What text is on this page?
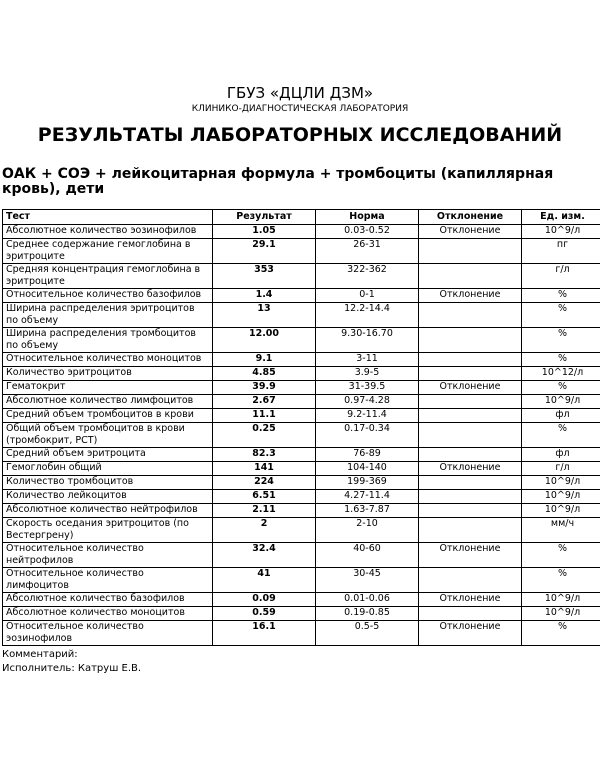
ГБУЗ «ДЦЛИ ДЗМ»
КЛИНИКО-ДИАГНОСТИЧЕСКАЯ ЛАБОРАТОРИЯ
РЕЗУЛЬТАТЫ ЛАБОРАТОРНЫХ ИССЛЕДОВАНИЙ
ОАК + СОЭ + лейкоцитарная формула + тромбоциты (капиллярная кровь), дети
Тест	Результат	Норма	Отклонение	Ед. изм.
Абсолютное количество эозинофилов	1.05	0.03-0.52	Отклонение	10^9/л
Среднее содержание гемоглобина в эритроците	29.1	26-31		пг
Средняя концентрация гемоглобина в эритроците	353	322-362		г/л
Относительное количество базофилов	1.4	0-1	Отклонение	%
Ширина распределения эритроцитов по объему	13	12.2-14.4		%
Ширина распределения тромбоцитов по объему	12.00	9.30-16.70		%
Относительное количество моноцитов	9.1	3-11		%
Количество эритроцитов	4.85	3.9-5		10^12/л
Гематокрит	39.9	31-39.5	Отклонение	%
Абсолютное количество лимфоцитов	2.67	0.97-4.28		10^9/л
Средний объем тромбоцитов в крови	11.1	9.2-11.4		фл
Общий объем тромбоцитов в крови (тромбокрит, PCT)	0.25	0.17-0.34		%
Средний объем эритроцита	82.3	76-89		фл
Гемоглобин общий	141	104-140	Отклонение	г/л
Количество тромбоцитов	224	199-369		10^9/л
Количество лейкоцитов	6.51	4.27-11.4		10^9/л
Абсолютное количество нейтрофилов	2.11	1.63-7.87		10^9/л
Скорость оседания эритроцитов (по Вестергрену)	2	2-10		мм/ч
Относительное количество нейтрофилов	32.4	40-60	Отклонение	%
Относительное количество лимфоцитов	41	30-45		%
Абсолютное количество базофилов	0.09	0.01-0.06	Отклонение	10^9/л
Абсолютное количество моноцитов	0.59	0.19-0.85		10^9/л
Относительное количество эозинофилов	16.1	0.5-5	Отклонение	%
Комментарий:
Исполнитель: Катруш Е.В.
